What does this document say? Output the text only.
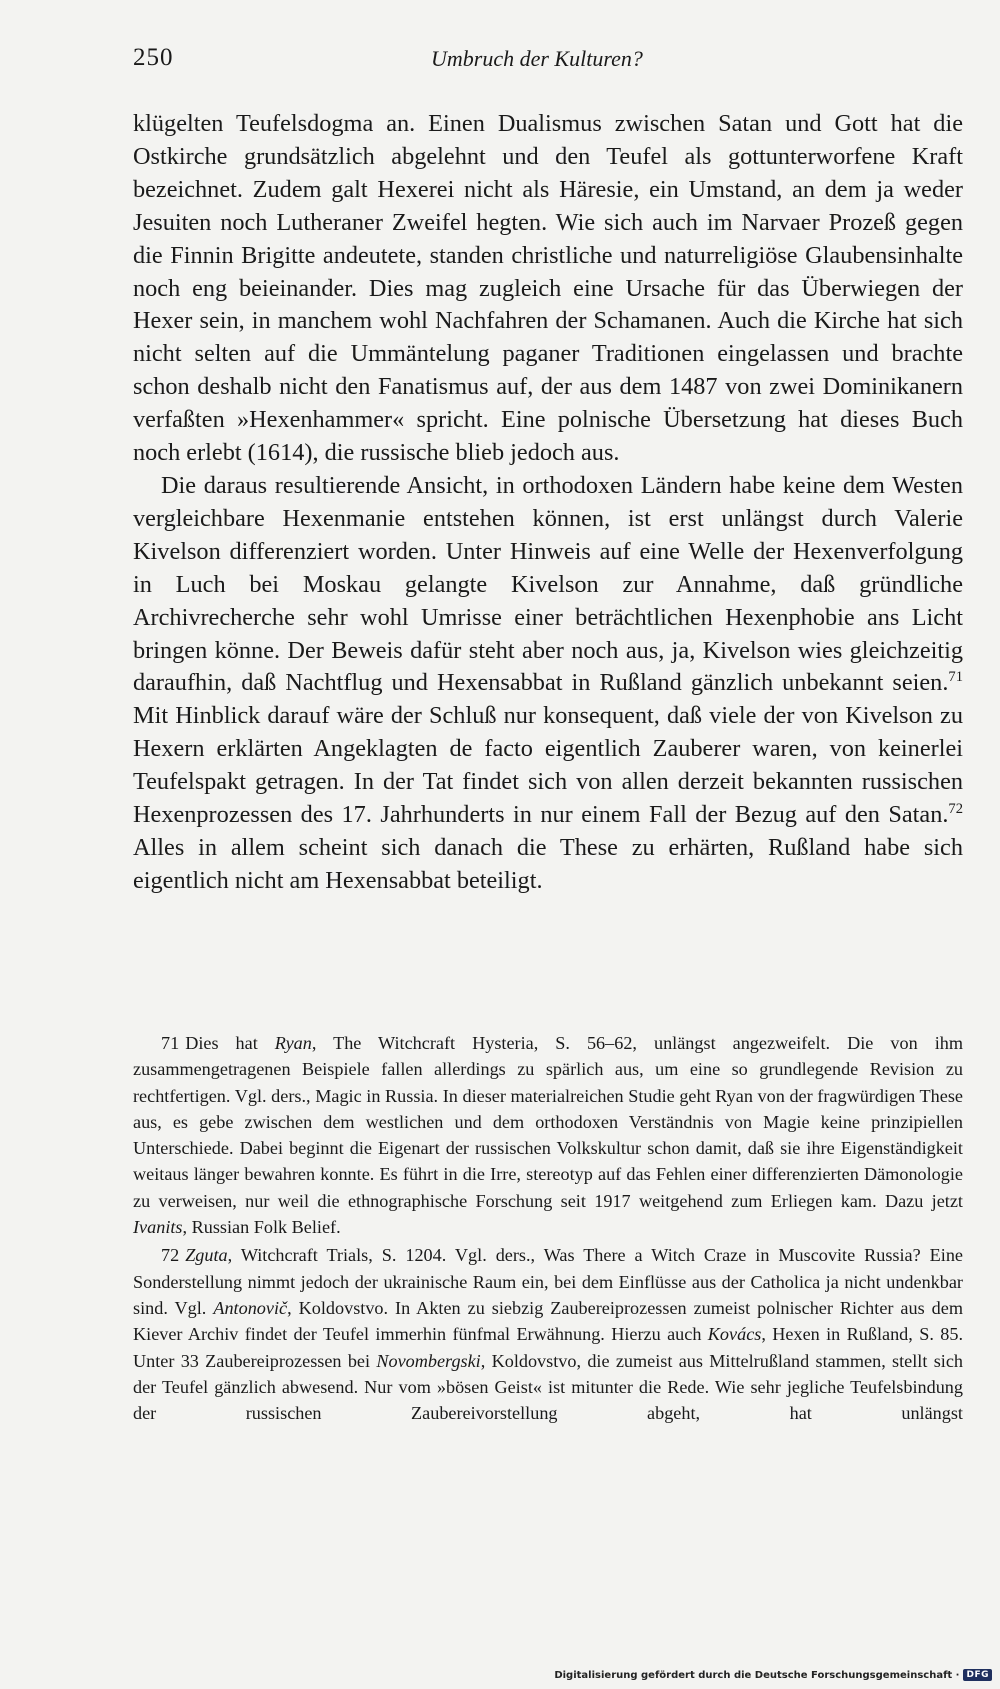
250	Umbruch der Kulturen?

klügelten Teufelsdogma an. Einen Dualismus zwischen Satan und Gott hat die Ostkirche grundsätzlich abgelehnt und den Teufel als gottunterworfene Kraft bezeichnet. Zudem galt Hexerei nicht als Häresie, ein Umstand, an dem ja weder Jesuiten noch Lutheraner Zweifel hegten. Wie sich auch im Narvaer Prozeß gegen die Finnin Brigitte andeutete, standen christliche und naturreligiöse Glaubensinhalte noch eng beieinander. Dies mag zugleich eine Ursache für das Überwiegen der Hexer sein, in manchem wohl Nachfahren der Schamanen. Auch die Kirche hat sich nicht selten auf die Ummäntelung paganer Traditionen eingelassen und brachte schon deshalb nicht den Fanatismus auf, der aus dem 1487 von zwei Dominikanern verfaßten »Hexenhammer« spricht. Eine polnische Übersetzung hat dieses Buch noch erlebt (1614), die russische blieb jedoch aus.

Die daraus resultierende Ansicht, in orthodoxen Ländern habe keine dem Westen vergleichbare Hexenmanie entstehen können, ist erst unlängst durch Valerie Kivelson differenziert worden. Unter Hinweis auf eine Welle der Hexenverfolgung in Luch bei Moskau gelangte Kivelson zur Annahme, daß gründliche Archivrecherche sehr wohl Umrisse einer beträchtlichen Hexenphobie ans Licht bringen könne. Der Beweis dafür steht aber noch aus, ja, Kivelson wies gleichzeitig daraufhin, daß Nachtflug und Hexensabbat in Rußland gänzlich unbekannt seien.$^{71}$ Mit Hinblick darauf wäre der Schluß nur konsequent, daß viele der von Kivelson zu Hexern erklärten Angeklagten de facto eigentlich Zauberer waren, von keinerlei Teufelspakt getragen. In der Tat findet sich von allen derzeit bekannten russischen Hexenprozessen des 17. Jahrhunderts in nur einem Fall der Bezug auf den Satan.$^{72}$ Alles in allem scheint sich danach die These zu erhärten, Rußland habe sich eigentlich nicht am Hexensabbat beteiligt.

71 Dies hat Ryan, The Witchcraft Hysteria, S. 56–62, unlängst angezweifelt. Die von ihm zusammengetragenen Beispiele fallen allerdings zu spärlich aus, um eine so grundlegende Revision zu rechtfertigen. Vgl. ders., Magic in Russia. In dieser materialreichen Studie geht Ryan von der fragwürdigen These aus, es gebe zwischen dem westlichen und dem orthodoxen Verständnis von Magie keine prinzipiellen Unterschiede. Dabei beginnt die Eigenart der russischen Volkskultur schon damit, daß sie ihre Eigenständigkeit weitaus länger bewahren konnte. Es führt in die Irre, stereotyp auf das Fehlen einer differenzierten Dämonologie zu verweisen, nur weil die ethnographische Forschung seit 1917 weitgehend zum Erliegen kam. Dazu jetzt Ivanits, Russian Folk Belief.

72 Zguta, Witchcraft Trials, S. 1204. Vgl. ders., Was There a Witch Craze in Muscovite Russia? Eine Sonderstellung nimmt jedoch der ukrainische Raum ein, bei dem Einflüsse aus der Catholica ja nicht undenkbar sind. Vgl. Antonovič, Koldovstvo. In Akten zu siebzig Zaubereiprozessen zumeist polnischer Richter aus dem Kiever Archiv findet der Teufel immerhin fünfmal Erwähnung. Hierzu auch Kovács, Hexen in Rußland, S. 85. Unter 33 Zaubereiprozessen bei Novombergski, Koldovstvo, die zumeist aus Mittelrußland stammen, stellt sich der Teufel gänzlich abwesend. Nur vom »bösen Geist« ist mitunter die Rede. Wie sehr jegliche Teufelsbindung der russischen Zaubereivorstellung abgeht, hat unlängst

Digitalisierung gefördert durch die Deutsche Forschungsgemeinschaft · DFG
